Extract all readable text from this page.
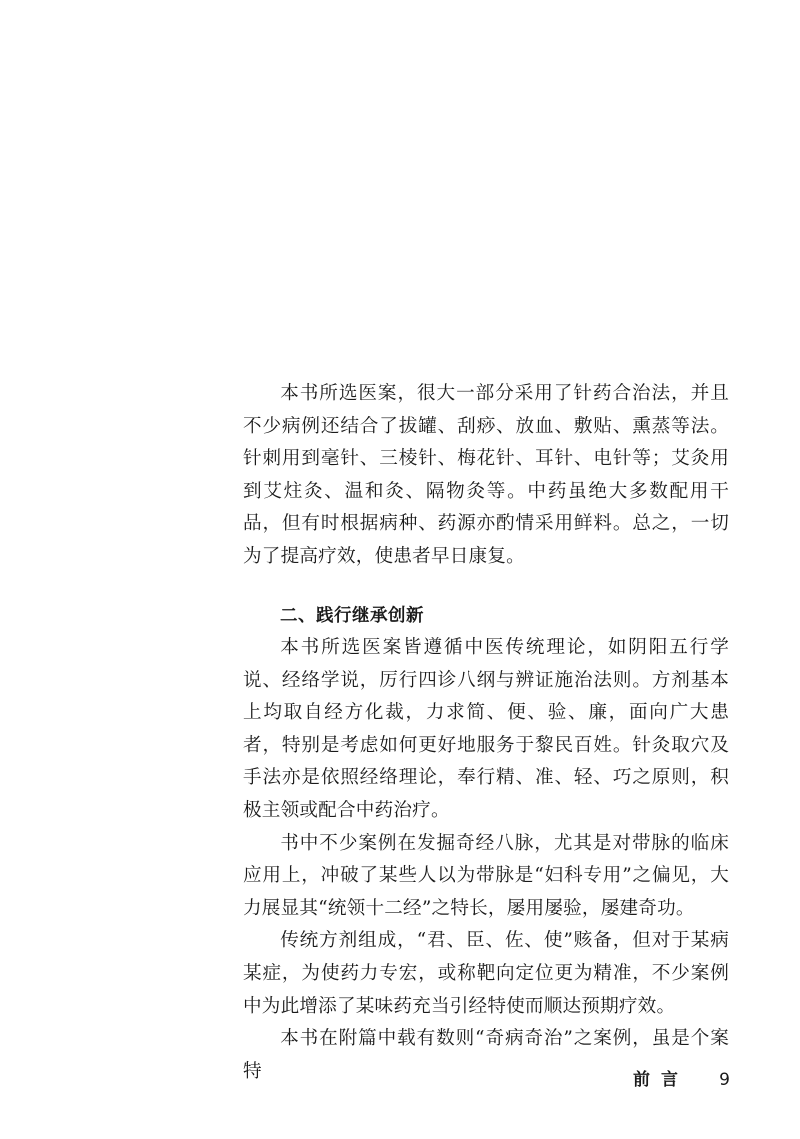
本书所选医案，很大一部分采用了针药合治法，并且不少病例还结合了拔罐、刮痧、放血、敷贴、熏蒸等法。针刺用到毫针、三棱针、梅花针、耳针、电针等；艾灸用到艾炷灸、温和灸、隔物灸等。中药虽绝大多数配用干品，但有时根据病种、药源亦酌情采用鲜料。总之，一切为了提高疗效，使患者早日康复。

二、践行继承创新

本书所选医案皆遵循中医传统理论，如阴阳五行学说、经络学说，厉行四诊八纲与辨证施治法则。方剂基本上均取自经方化裁，力求简、便、验、廉，面向广大患者，特别是考虑如何更好地服务于黎民百姓。针灸取穴及手法亦是依照经络理论，奉行精、准、轻、巧之原则，积极主领或配合中药治疗。

书中不少案例在发掘奇经八脉，尤其是对带脉的临床应用上，冲破了某些人以为带脉是“妇科专用”之偏见，大力展显其“统领十二经”之特长，屡用屡验，屡建奇功。

传统方剂组成，“君、臣、佐、使”赅备，但对于某病某症，为使药力专宏，或称靶向定位更为精准，不少案例中为此增添了某味药充当引经特使而顺达预期疗效。

本书在附篇中载有数则“奇病奇治”之案例，虽是个案特	前言 9
